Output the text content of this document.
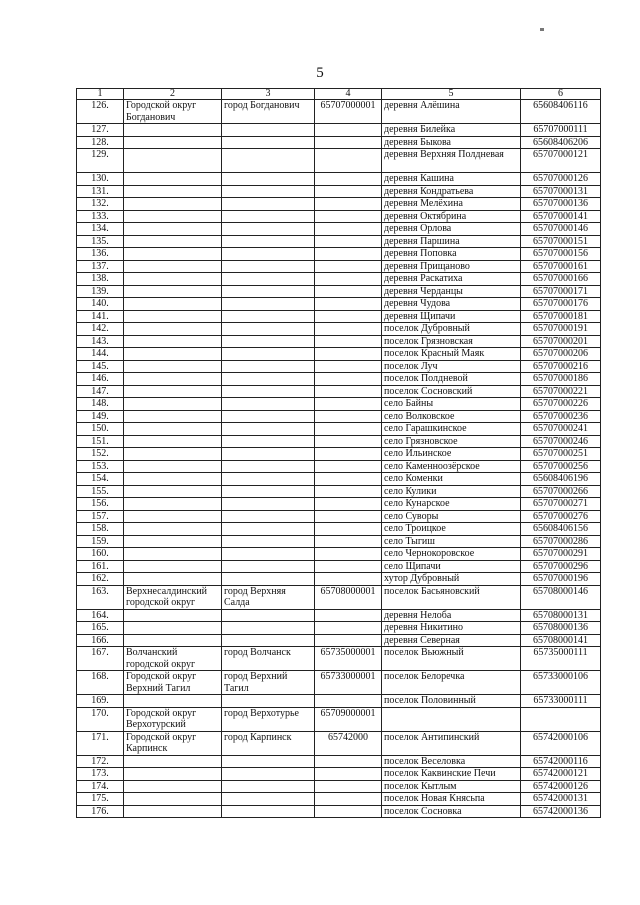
5
1	2	3	4	5	6
126.	Городской округ Богданович	город Богданович	65707000001	деревня Алёшина	65608406116
127.				деревня Билейка	65707000111
128.				деревня Быкова	65608406206
129.				деревня Верхняя Полдневая	65707000121
130.				деревня Кашина	65707000126
131.				деревня Кондратьева	65707000131
132.				деревня Мелёхина	65707000136
133.				деревня Октябрина	65707000141
134.				деревня Орлова	65707000146
135.				деревня Паршина	65707000151
136.				деревня Поповка	65707000156
137.				деревня Прищаново	65707000161
138.				деревня Раскатиха	65707000166
139.				деревня Черданцы	65707000171
140.				деревня Чудова	65707000176
141.				деревня Щипачи	65707000181
142.				поселок Дубровный	65707000191
143.				поселок Грязновская	65707000201
144.				поселок Красный Маяк	65707000206
145.				поселок Луч	65707000216
146.				поселок Полдневой	65707000186
147.				поселок Сосновский	65707000221
148.				село Байны	65707000226
149.				село Волковское	65707000236
150.				село Гарашкинское	65707000241
151.				село Грязновское	65707000246
152.				село Ильинское	65707000251
153.				село Каменноозёрское	65707000256
154.				село Коменки	65608406196
155.				село Кулики	65707000266
156.				село Кунарское	65707000271
157.				село Суворы	65707000276
158.				село Троицкое	65608406156
159.				село Тыгиш	65707000286
160.				село Чернокоровское	65707000291
161.				село Щипачи	65707000296
162.				хутор Дубровный	65707000196
163.	Верхнесалдинский городской округ	город Верхняя Салда	65708000001	поселок Басьяновский	65708000146
164.				деревня Нелоба	65708000131
165.				деревня Никитино	65708000136
166.				деревня Северная	65708000141
167.	Волчанский городской округ	город Волчанск	65735000001	поселок Вьюжный	65735000111
168.	Городской округ Верхний Тагил	город Верхний Тагил	65733000001	поселок Белоречка	65733000106
169.				поселок Половинный	65733000111
170.	Городской округ Верхотурский	город Верхотурье	65709000001		
171.	Городской округ Карпинск	город Карпинск	65742000	поселок Антипинский	65742000106
172.				поселок Веселовка	65742000116
173.				поселок Каквинские Печи	65742000121
174.				поселок Кытлым	65742000126
175.				поселок Новая Княсьпа	65742000131
176.				поселок Сосновка	65742000136
